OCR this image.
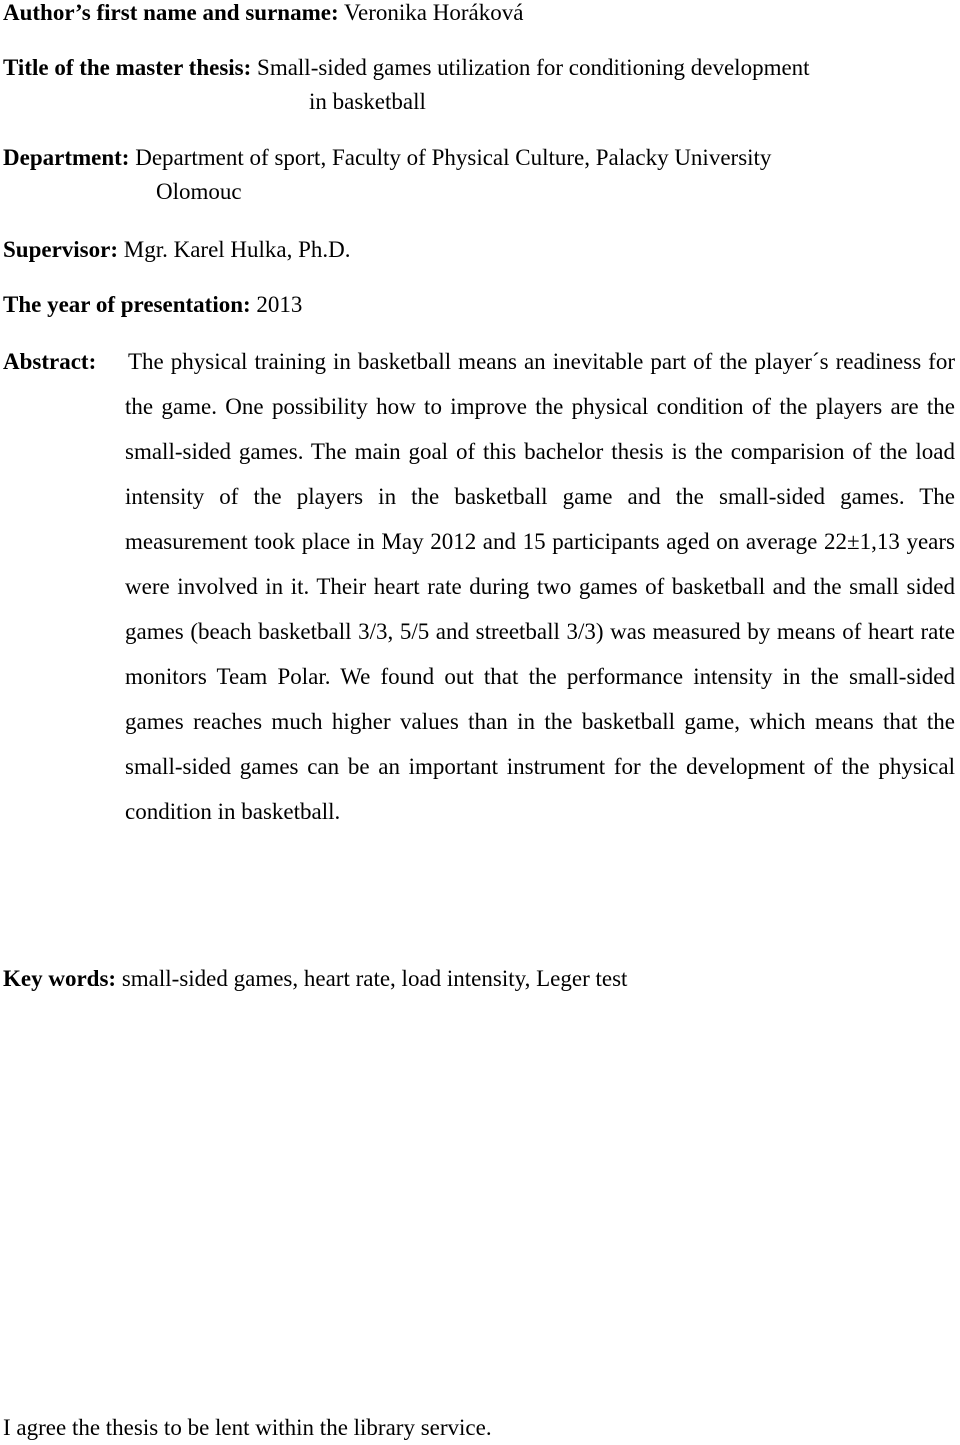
Author’s first name and surname: Veronika Horáková
Title of the master thesis: Small-sided games utilization for conditioning development
in basketball
Department: Department of sport, Faculty of Physical Culture, Palacky University
Olomouc
Supervisor: Mgr. Karel Hulka, Ph.D.
The year of presentation: 2013
Abstract: The physical training in basketball means an inevitable part of the player´s readiness for the game. One possibility how to improve the physical condition of the players are the small-sided games. The main goal of this bachelor thesis is the comparision of the load intensity of the players in the basketball game and the small-sided games. The measurement took place in May 2012 and 15 participants aged on average 22±1,13 years were involved in it. Their heart rate during two games of basketball and the small sided games (beach basketball 3/3, 5/5 and streetball 3/3) was measured by means of heart rate monitors Team Polar. We found out that the performance intensity in the small-sided games reaches much higher values than in the basketball game, which means that the small-sided games can be an important instrument for the development of the physical condition in basketball.
Key words: small-sided games, heart rate, load intensity, Leger test
I agree the thesis to be lent within the library service.
